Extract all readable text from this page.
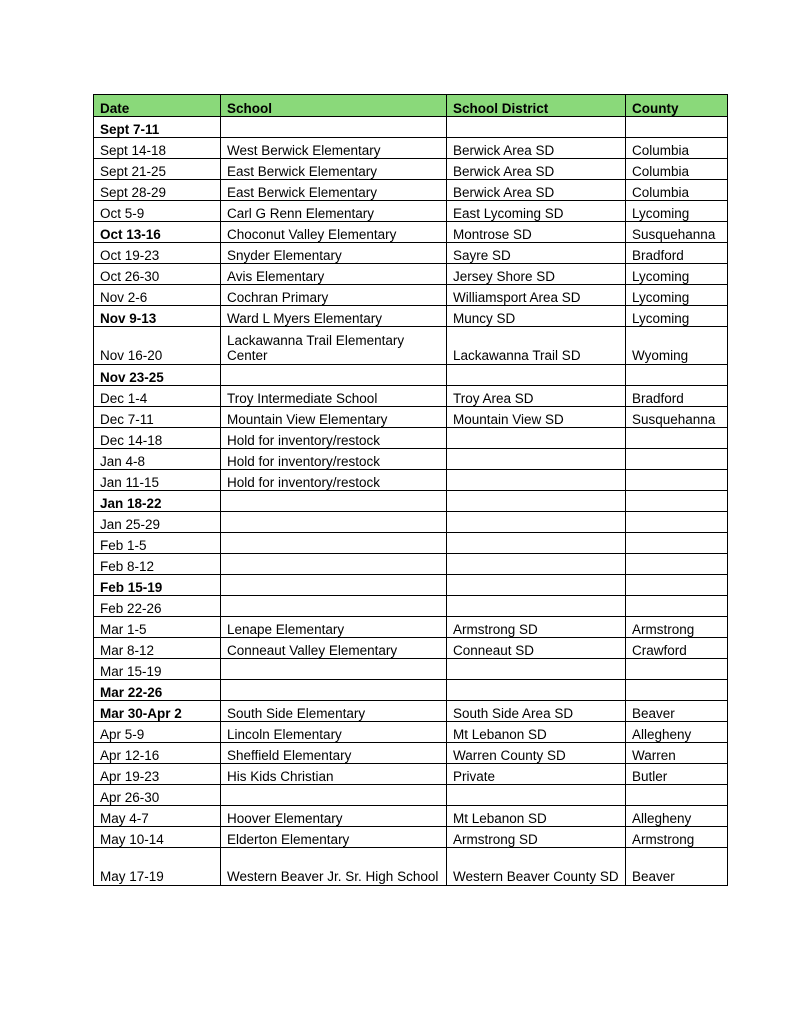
Date	School	School District	County
Sept 7-11			
Sept 14-18	West Berwick Elementary	Berwick Area SD	Columbia
Sept 21-25	East Berwick Elementary	Berwick Area SD	Columbia
Sept 28-29	East Berwick Elementary	Berwick Area SD	Columbia
Oct 5-9	Carl G Renn Elementary	East Lycoming SD	Lycoming
Oct 13-16	Choconut Valley Elementary	Montrose SD	Susquehanna
Oct 19-23	Snyder Elementary	Sayre SD	Bradford
Oct 26-30	Avis Elementary	Jersey Shore SD	Lycoming
Nov 2-6	Cochran Primary	Williamsport Area SD	Lycoming
Nov 9-13	Ward L Myers Elementary	Muncy SD	Lycoming
Nov 16-20	Lackawanna Trail Elementary Center	Lackawanna Trail SD	Wyoming
Nov 23-25			
Dec 1-4	Troy Intermediate School	Troy Area SD	Bradford
Dec 7-11	Mountain View Elementary	Mountain View SD	Susquehanna
Dec 14-18	Hold for inventory/restock		
Jan 4-8	Hold for inventory/restock		
Jan 11-15	Hold for inventory/restock		
Jan 18-22			
Jan 25-29			
Feb 1-5			
Feb 8-12			
Feb 15-19			
Feb 22-26			
Mar 1-5	Lenape Elementary	Armstrong SD	Armstrong
Mar 8-12	Conneaut Valley Elementary	Conneaut SD	Crawford
Mar 15-19			
Mar 22-26			
Mar 30-Apr 2	South Side Elementary	South Side Area SD	Beaver
Apr 5-9	Lincoln Elementary	Mt Lebanon SD	Allegheny
Apr 12-16	Sheffield Elementary	Warren County SD	Warren
Apr 19-23	His Kids Christian	Private	Butler
Apr 26-30			
May 4-7	Hoover Elementary	Mt Lebanon SD	Allegheny
May 10-14	Elderton Elementary	Armstrong SD	Armstrong
May 17-19	Western Beaver Jr. Sr. High School	Western Beaver County SD	Beaver
